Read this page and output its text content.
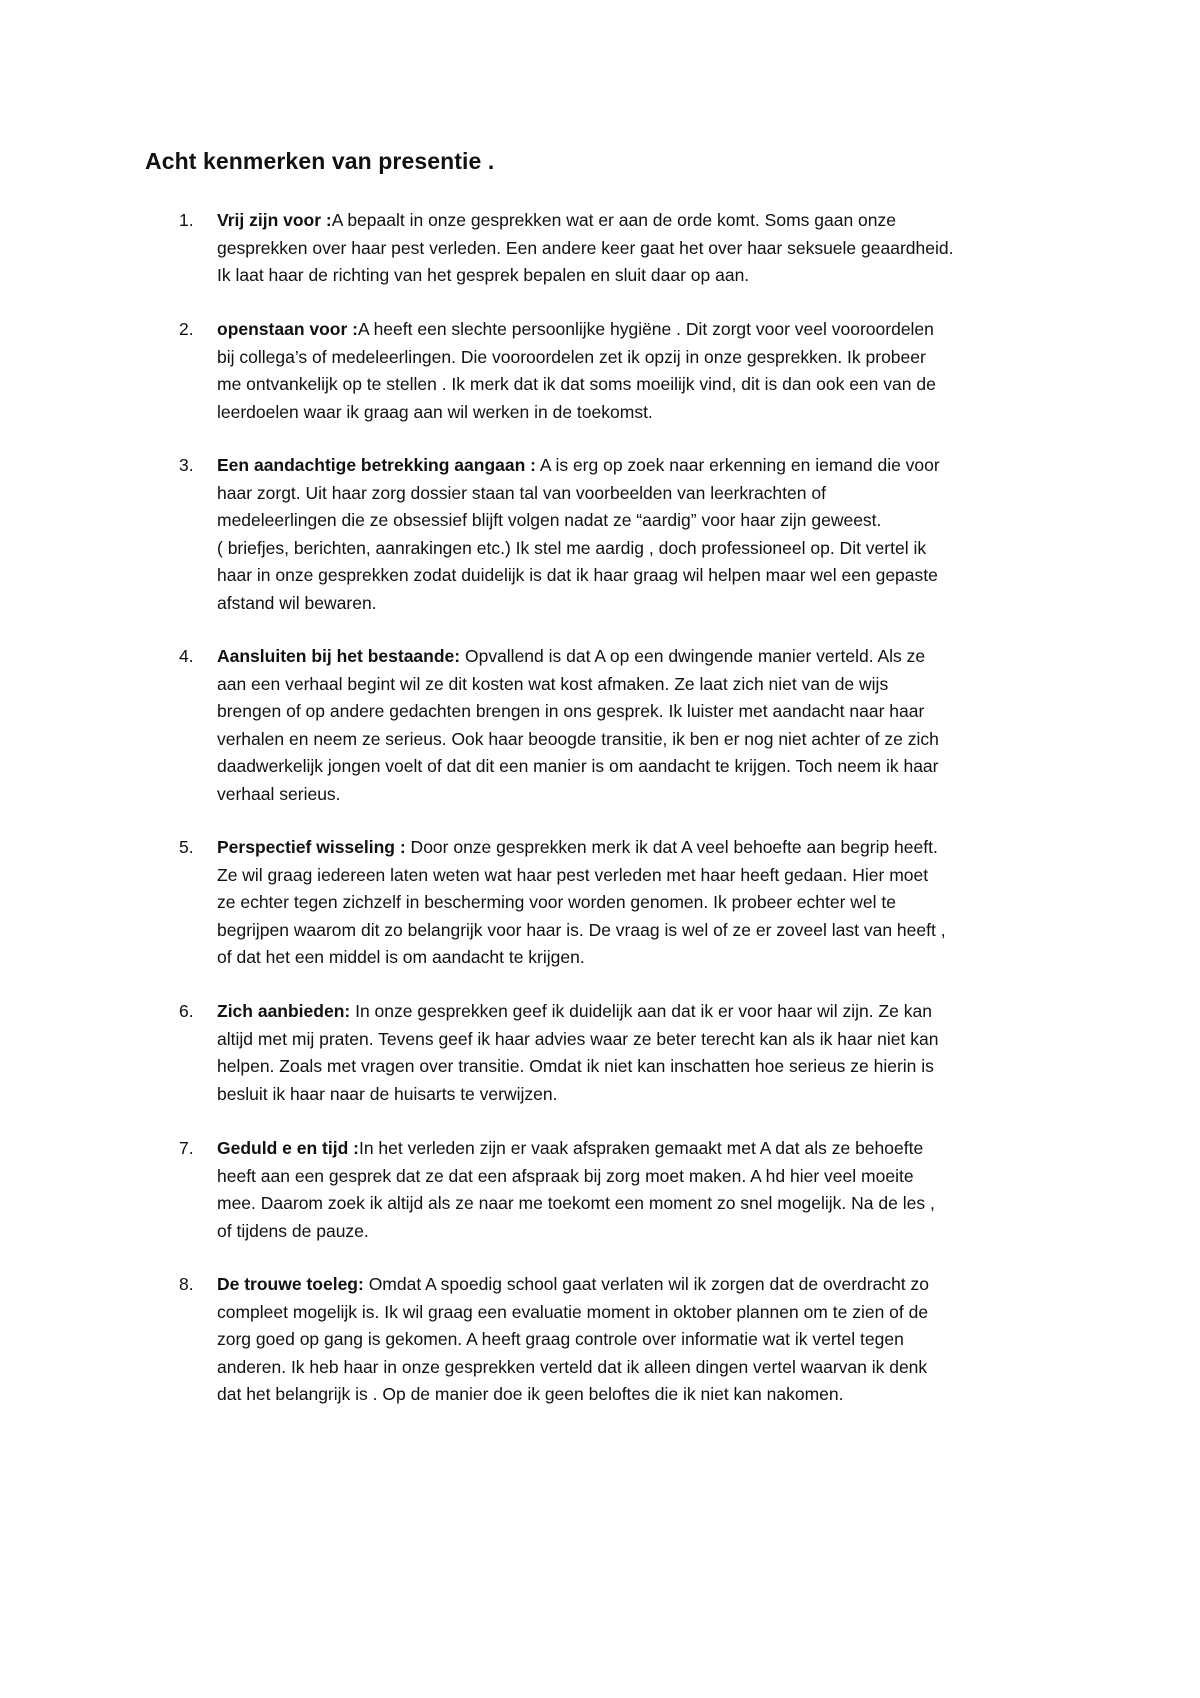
Acht kenmerken van presentie .
1. Vrij zijn voor :A bepaalt in onze gesprekken wat er aan de orde komt. Soms gaan onze
gesprekken over haar pest verleden. Een andere keer gaat het over haar seksuele geaardheid.
Ik laat haar de richting van het gesprek bepalen en sluit daar op aan.

2. openstaan voor :A heeft een slechte persoonlijke hygiëne . Dit zorgt voor veel vooroordelen
bij collega’s of medeleerlingen. Die vooroordelen zet ik opzij in onze gesprekken. Ik probeer
me ontvankelijk op te stellen . Ik merk dat ik dat soms moeilijk vind, dit is dan ook een van de
leerdoelen waar ik graag aan wil werken in de toekomst.

3. Een aandachtige betrekking aangaan : A is erg op zoek naar erkenning en iemand die voor
haar zorgt. Uit haar zorg dossier staan tal van voorbeelden van leerkrachten of
medeleerlingen die ze obsessief blijft volgen nadat ze “aardig” voor haar zijn geweest.
( briefjes, berichten, aanrakingen etc.) Ik stel me aardig , doch professioneel op. Dit vertel ik
haar in onze gesprekken zodat duidelijk is dat ik haar graag wil helpen maar wel een gepaste
afstand wil bewaren.

4. Aansluiten bij het bestaande: Opvallend is dat A op een dwingende manier verteld. Als ze
aan een verhaal begint wil ze dit kosten wat kost afmaken. Ze laat zich niet van de wijs
brengen of op andere gedachten brengen in ons gesprek. Ik luister met aandacht naar haar
verhalen en neem ze serieus. Ook haar beoogde transitie, ik ben er nog niet achter of ze zich
daadwerkelijk jongen voelt of dat dit een manier is om aandacht te krijgen. Toch neem ik haar
verhaal serieus.

5. Perspectief wisseling : Door onze gesprekken merk ik dat A veel behoefte aan begrip heeft.
Ze wil graag iedereen laten weten wat haar pest verleden met haar heeft gedaan. Hier moet
ze echter tegen zichzelf in bescherming voor worden genomen. Ik probeer echter wel te
begrijpen waarom dit zo belangrijk voor haar is. De vraag is wel of ze er zoveel last van heeft ,
of dat het een middel is om aandacht te krijgen.

6. Zich aanbieden: In onze gesprekken geef ik duidelijk aan dat ik er voor haar wil zijn. Ze kan
altijd met mij praten. Tevens geef ik haar advies waar ze beter terecht kan als ik haar niet kan
helpen. Zoals met vragen over transitie. Omdat ik niet kan inschatten hoe serieus ze hierin is
besluit ik haar naar de huisarts te verwijzen.

7. Geduld e en tijd :In het verleden zijn er vaak afspraken gemaakt met A dat als ze behoefte
heeft aan een gesprek dat ze dat een afspraak bij zorg moet maken. A hd hier veel moeite
mee. Daarom zoek ik altijd als ze naar me toekomt een moment zo snel mogelijk. Na de les ,
of tijdens de pauze.

8. De trouwe toeleg: Omdat A spoedig school gaat verlaten wil ik zorgen dat de overdracht zo
compleet mogelijk is. Ik wil graag een evaluatie moment in oktober plannen om te zien of de
zorg goed op gang is gekomen. A heeft graag controle over informatie wat ik vertel tegen
anderen. Ik heb haar in onze gesprekken verteld dat ik alleen dingen vertel waarvan ik denk
dat het belangrijk is . Op de manier doe ik geen beloftes die ik niet kan nakomen.
